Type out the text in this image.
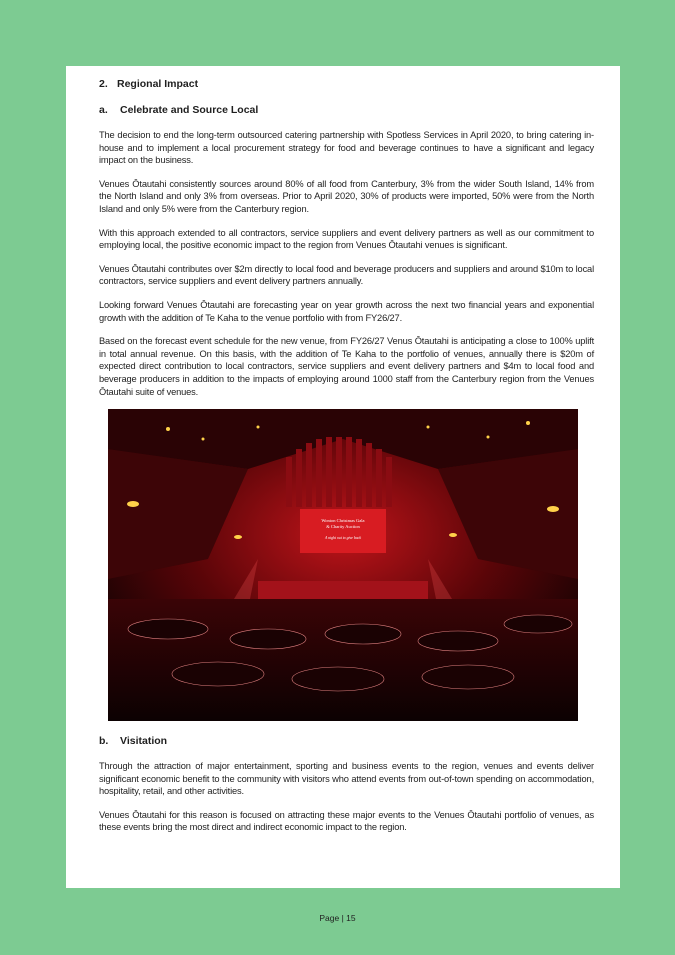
2. Regional Impact
a.	Celebrate and Source Local

The decision to end the long-term outsourced catering partnership with Spotless Services in April 2020, to bring catering in-house and to implement a local procurement strategy for food and beverage continues to have a significant and legacy impact on the business.

Venues Ōtautahi consistently sources around 80% of all food from Canterbury, 3% from the wider South Island, 14% from the North Island and only 3% from overseas. Prior to April 2020, 30% of products were imported, 50% were from the North Island and only 5% were from the Canterbury region.

With this approach extended to all contractors, service suppliers and event delivery partners as well as our commitment to employing local, the positive economic impact to the region from Venues Ōtautahi venues is significant.

Venues Ōtautahi contributes over $2m directly to local food and beverage producers and suppliers and around $10m to local contractors, service suppliers and event delivery partners annually.

Looking forward Venues Ōtautahi are forecasting year on year growth across the next two financial years and exponential growth with the addition of Te Kaha to the venue portfolio with from FY26/27.

Based on the forecast event schedule for the new venue, from FY26/27 Venus Ōtautahi is anticipating a close to 100% uplift in total annual revenue. On this basis, with the addition of Te Kaha to the portfolio of venues, annually there is $20m of expected direct contribution to local contractors, service suppliers and event delivery partners and $4m to local food and beverage producers in addition to the impacts of employing around 1000 staff from the Canterbury region from the Venues Ōtautahi suite of venues.

Wonton Christmas Gala
& Charity Auction
A night out to give back
b.	Visitation

Through the attraction of major entertainment, sporting and business events to the region, venues and events deliver significant economic benefit to the community with visitors who attend events from out-of-town spending on accommodation, hospitality, retail, and other activities.

Venues Ōtautahi for this reason is focused on attracting these major events to the Venues Ōtautahi portfolio of venues, as these events bring the most direct and indirect economic impact to the region.

Page | 15
